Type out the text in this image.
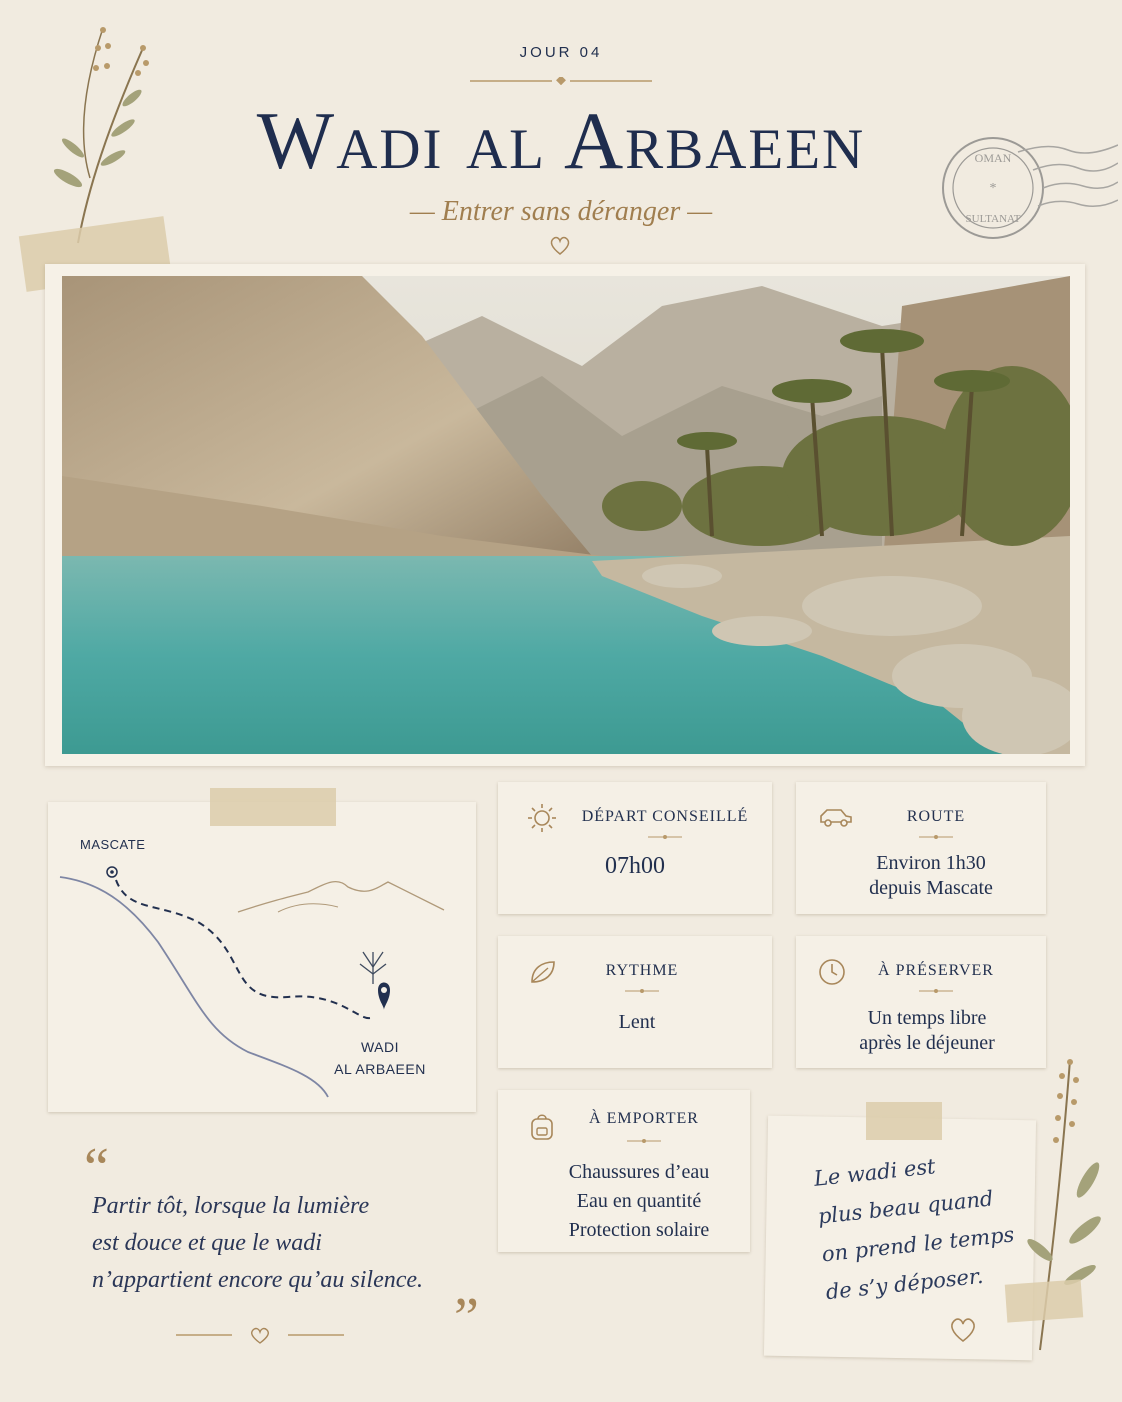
JOUR 04
Wadi al Arbaeen
— Entrer sans déranger —
OMAN
*
SULTANAT
MASCATE
WADI
AL ARBAEEN
DÉPART CONSEILLÉ
07h00
ROUTE
Environ 1h30
depuis Mascate
RYTHME
Lent
À PRÉSERVER
Un temps libre
après le déjeuner
À EMPORTER
Chaussures d’eau
Eau en quantité
Protection solaire
“
Partir tôt, lorsque la lumière
est douce et que le wadi
n’appartient encore qu’au silence.
”
Le wadi est
plus beau quand
on prend le temps
de s’y déposer.
